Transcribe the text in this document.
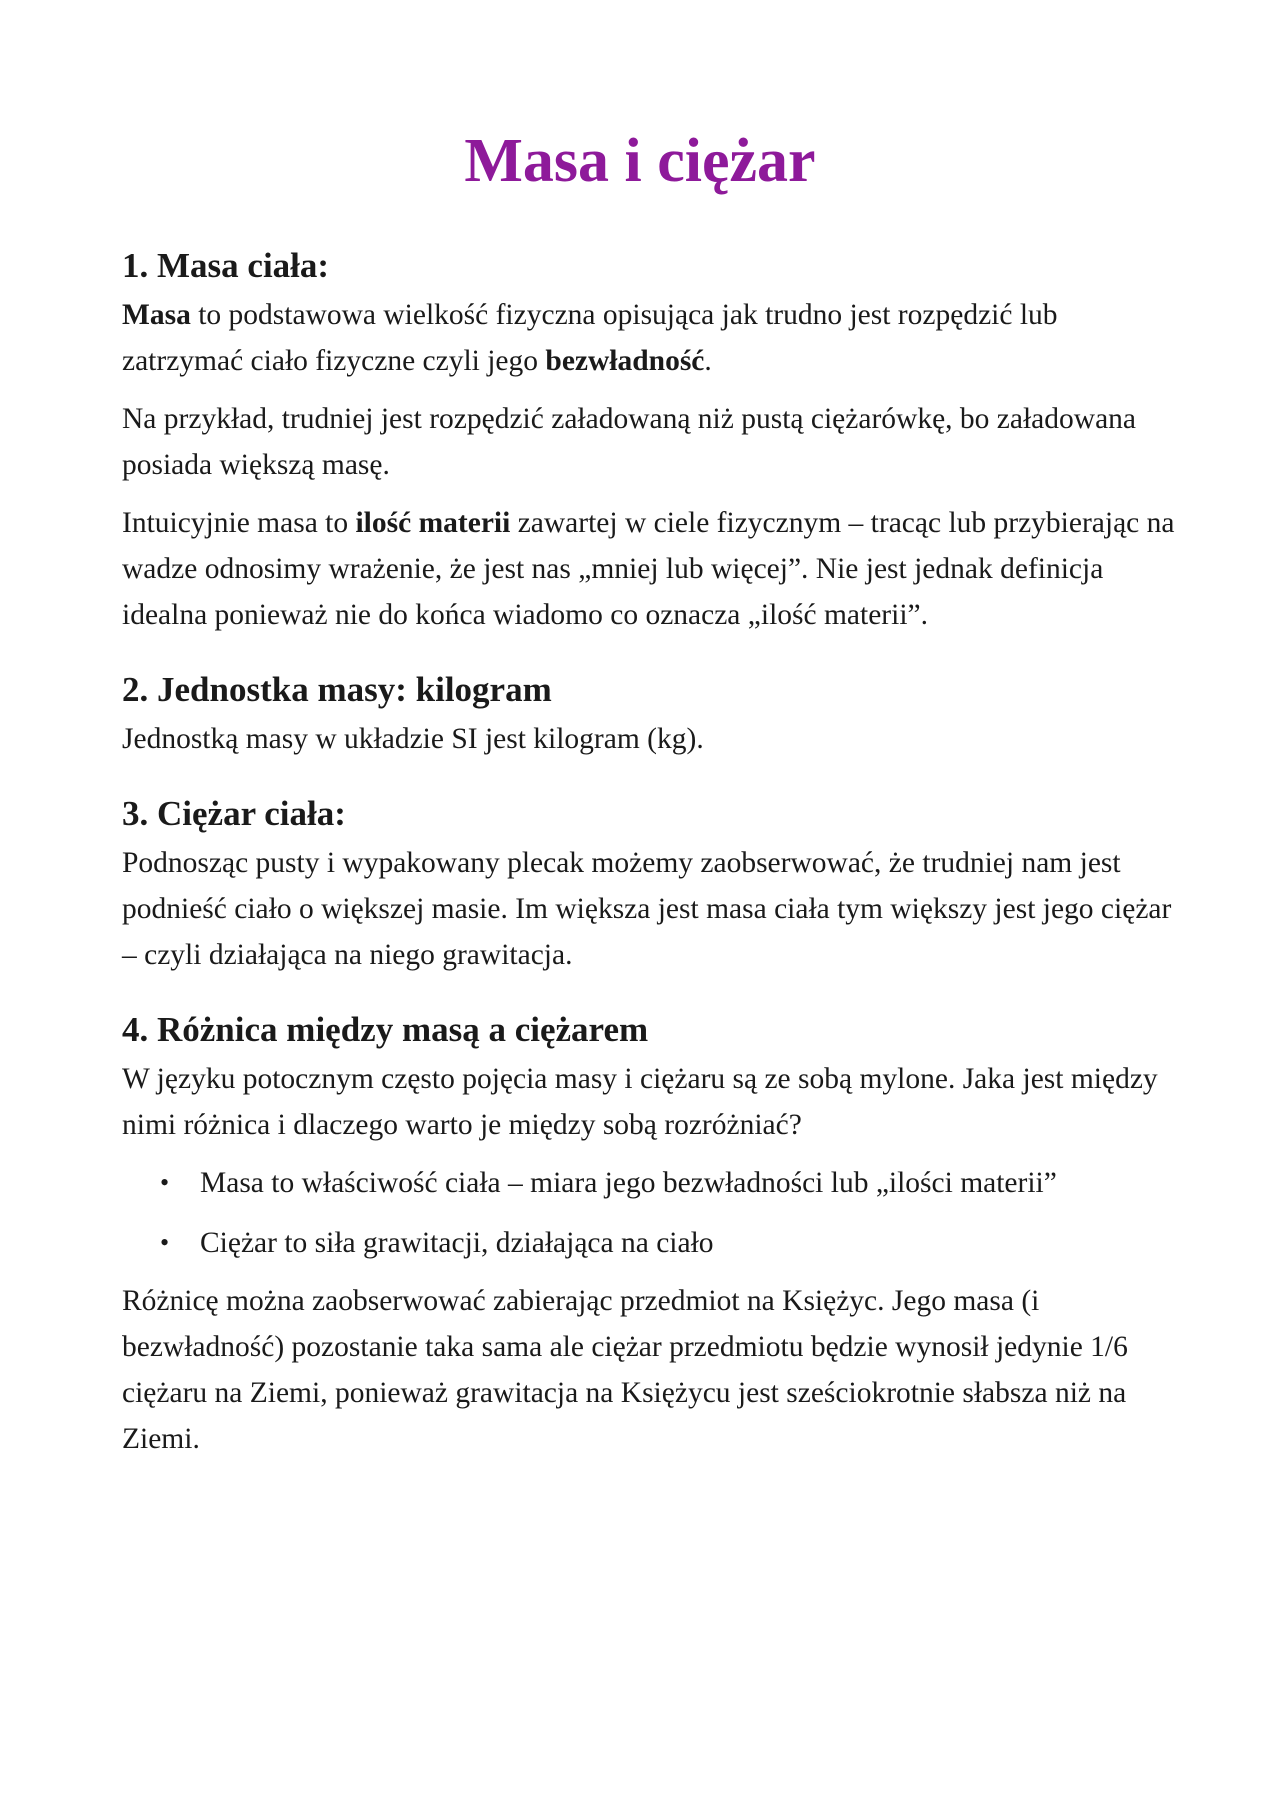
Masa i ciężar
1. Masa ciała:

Masa to podstawowa wielkość fizyczna opisująca jak trudno jest rozpędzić lub zatrzymać ciało fizyczne czyli jego bezwładność.

Na przykład, trudniej jest rozpędzić załadowaną niż pustą ciężarówkę, bo załadowana posiada większą masę.

Intuicyjnie masa to ilość materii zawartej w ciele fizycznym – tracąc lub przybierając na wadze odnosimy wrażenie, że jest nas „mniej lub więcej”. Nie jest jednak definicja idealna ponieważ nie do końca wiadomo co oznacza „ilość materii”.

2. Jednostka masy: kilogram

Jednostką masy w układzie SI jest kilogram (kg).

3. Ciężar ciała:

Podnosząc pusty i wypakowany plecak możemy zaobserwować, że trudniej nam jest podnieść ciało o większej masie. Im większa jest masa ciała tym większy jest jego ciężar – czyli działająca na niego grawitacja.

4. Różnica między masą a ciężarem

W języku potocznym często pojęcia masy i ciężaru są ze sobą mylone. Jaka jest między nimi różnica i dlaczego warto je między sobą rozróżniać?

• Masa to właściwość ciała – miara jego bezwładności lub „ilości materii”
• Ciężar to siła grawitacji, działająca na ciało

Różnicę można zaobserwować zabierając przedmiot na Księżyc. Jego masa (i bezwładność) pozostanie taka sama ale ciężar przedmiotu będzie wynosił jedynie 1/6 ciężaru na Ziemi, ponieważ grawitacja na Księżycu jest sześciokrotnie słabsza niż na Ziemi.
